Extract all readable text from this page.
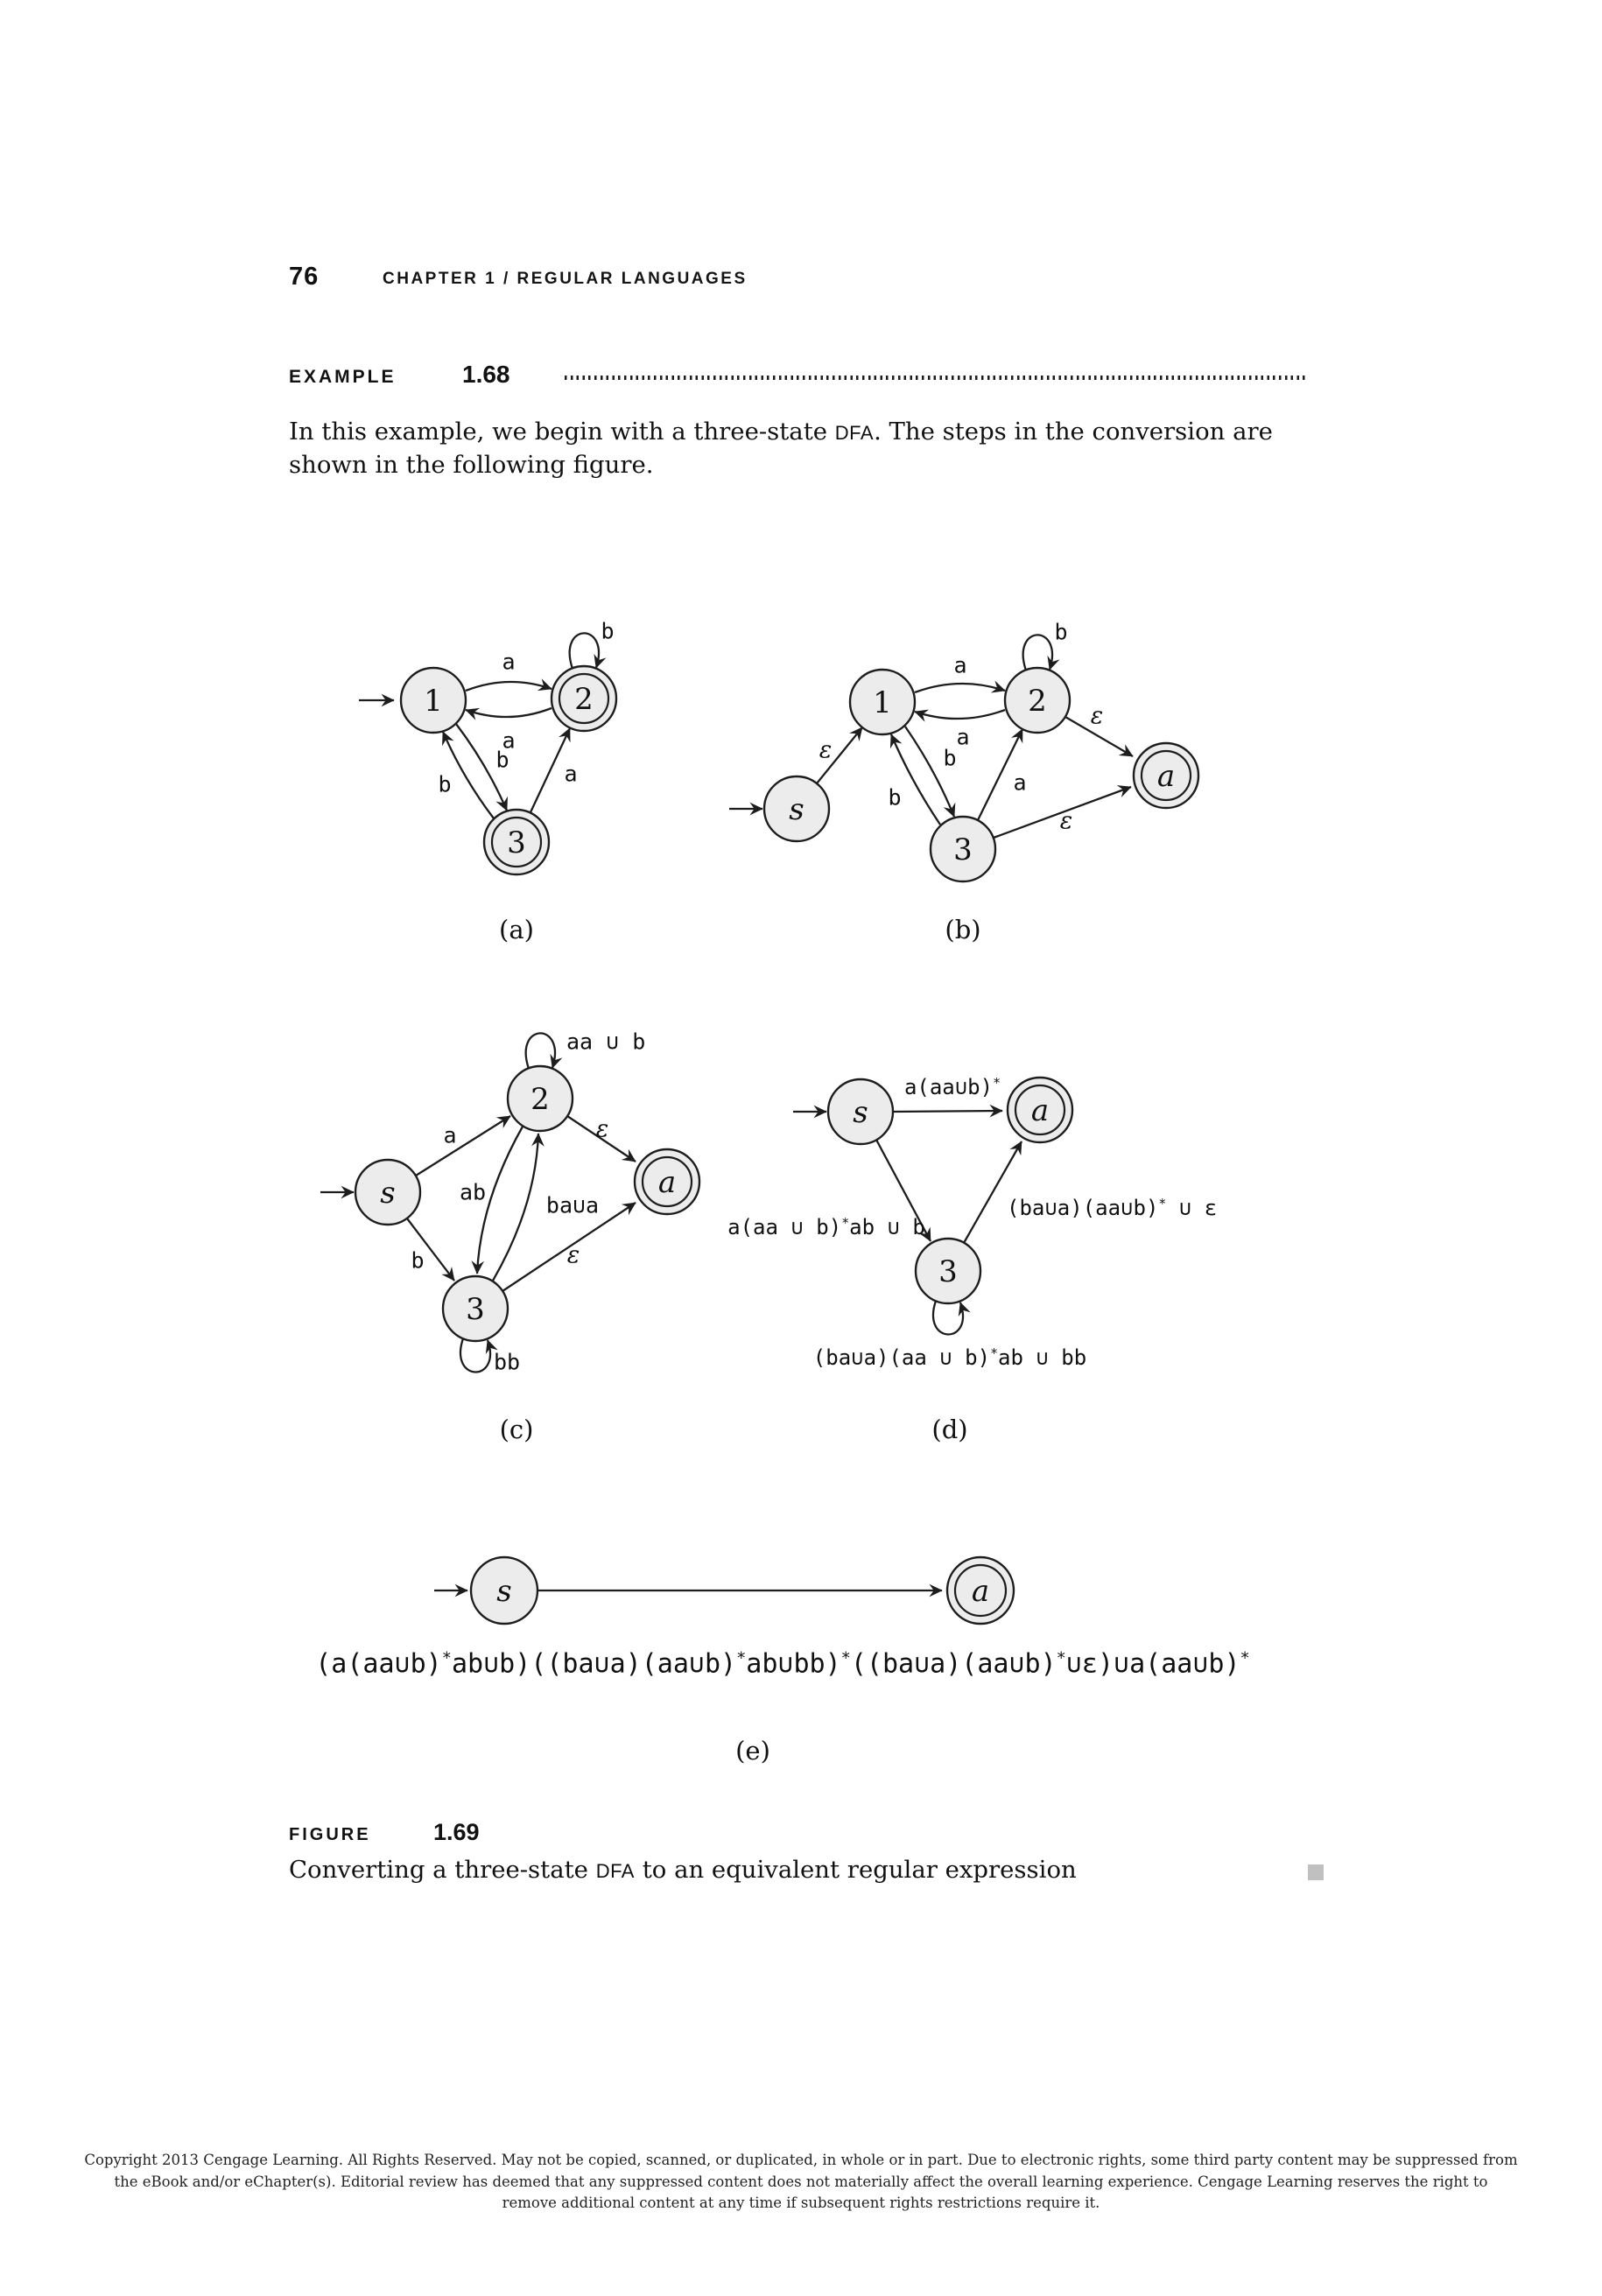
76	CHAPTER 1 / REGULAR LANGUAGES
EXAMPLE	1.68
In this example, we begin with a three-state DFA. The steps in the conversion are
shown in the following figure.
1	2
3
s
1	2
3
a
s
2
3
a
s	a
3
s	a
a
a
b
b	a
b
(a)
ε
a
a
b
b
a
ε
ε
b
(b)
a
b
ab
ba∪a
ε
ε
aa ∪ b
bb
(c)
a(aa∪b)*
a(aa ∪ b)*ab ∪ b
(ba∪a)(aa∪b)* ∪ ε
(ba∪a)(aa ∪ b)*ab ∪ bb
(d)
(a(aa∪b)*ab∪b)((ba∪a)(aa∪b)*ab∪bb)*((ba∪a)(aa∪b)*∪ε)∪a(aa∪b)*
(e)
FIGURE	1.69
Converting a three-state DFA to an equivalent regular expression
Copyright 2013 Cengage Learning. All Rights Reserved. May not be copied, scanned, or duplicated, in whole or in part. Due to electronic rights, some third party content may be suppressed from
the eBook and/or eChapter(s). Editorial review has deemed that any suppressed content does not materially affect the overall learning experience. Cengage Learning reserves the right to
remove additional content at any time if subsequent rights restrictions require it.
